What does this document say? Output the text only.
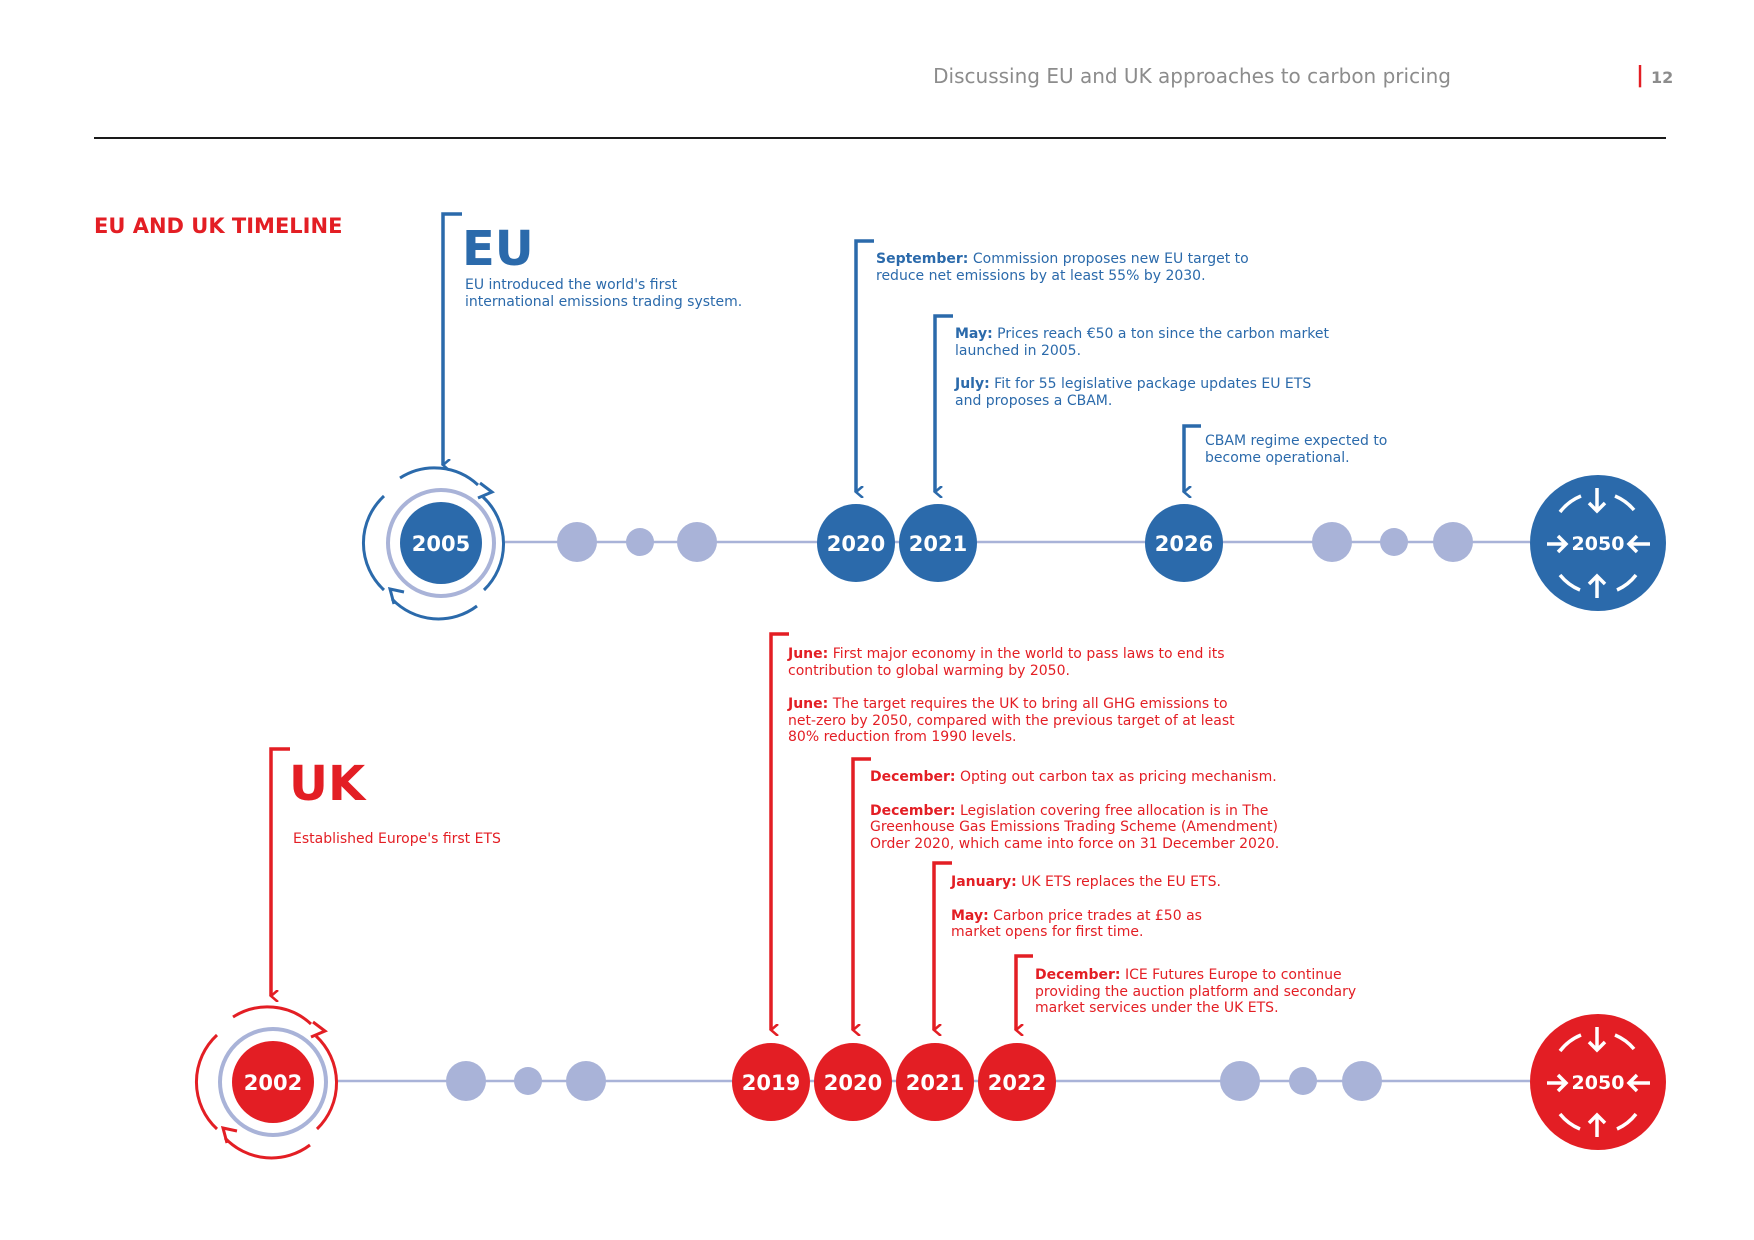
Discussing EU and UK approaches to carbon pricing	| 12
EU AND UK TIMELINE
2005	2020 2021	2026	2050
2002	2019 2020 2021 2022	2050
EU
EU introduced the world's first
international emissions trading system.
September: Commission proposes new EU target to
reduce net emissions by at least 55% by 2030.
May: Prices reach €50 a ton since the carbon market
launched in 2005.
July: Fit for 55 legislative package updates EU ETS
and proposes a CBAM.
CBAM regime expected to
become operational.
UK
Established Europe's first ETS
June: First major economy in the world to pass laws to end its
contribution to global warming by 2050.
June: The target requires the UK to bring all GHG emissions to
net-zero by 2050, compared with the previous target of at least
80% reduction from 1990 levels.
December: Opting out carbon tax as pricing mechanism.
December: Legislation covering free allocation is in The
Greenhouse Gas Emissions Trading Scheme (Amendment)
Order 2020, which came into force on 31 December 2020.
January: UK ETS replaces the EU ETS.
May: Carbon price trades at £50 as
market opens for first time.
December: ICE Futures Europe to continue
providing the auction platform and secondary
market services under the UK ETS.
